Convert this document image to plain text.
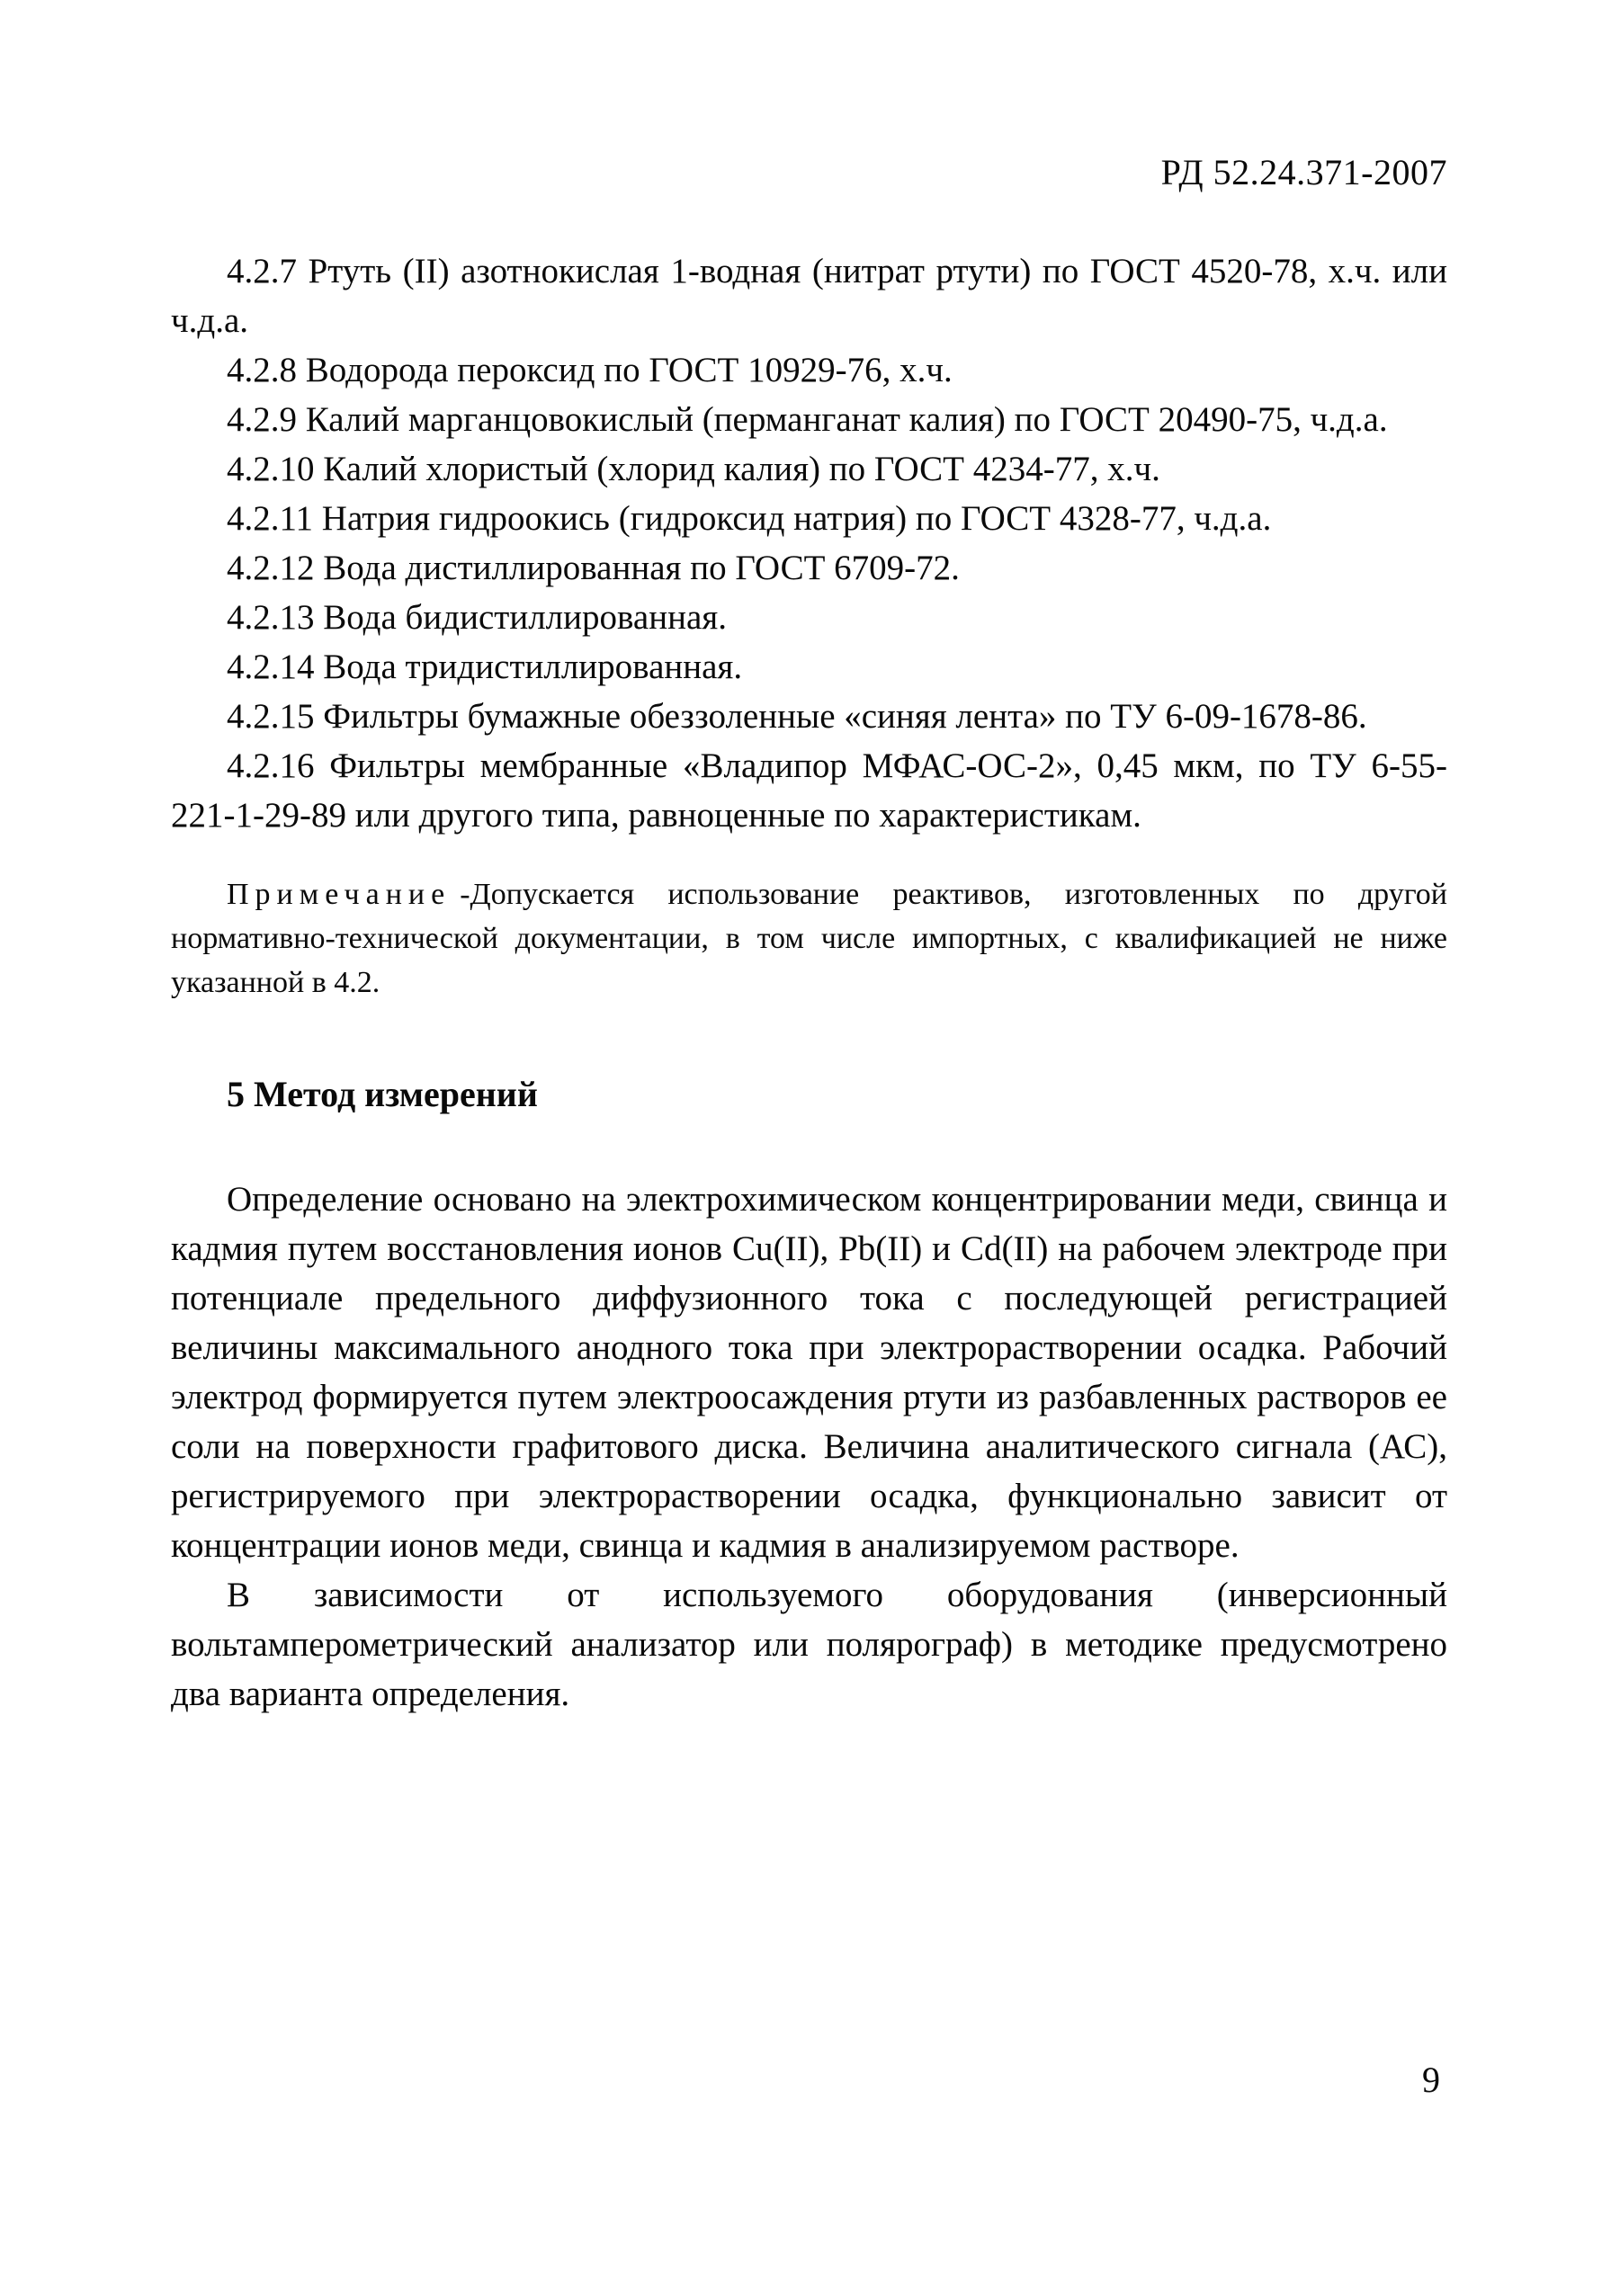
РД 52.24.371-2007

4.2.7 Ртуть (II) азотнокислая 1-водная (нитрат ртути) по ГОСТ 4520-78, х.ч. или ч.д.а.

4.2.8 Водорода пероксид по ГОСТ 10929-76, х.ч.

4.2.9 Калий марганцовокислый (перманганат калия) по ГОСТ 20490-75, ч.д.а.

4.2.10 Калий хлористый (хлорид калия) по ГОСТ 4234-77, х.ч.

4.2.11 Натрия гидроокись (гидроксид натрия) по ГОСТ 4328-77, ч.д.а.

4.2.12 Вода дистиллированная по ГОСТ 6709-72.

4.2.13 Вода бидистиллированная.

4.2.14 Вода тридистиллированная.

4.2.15 Фильтры бумажные обеззоленные «синяя лента» по ТУ 6-09-1678-86.

4.2.16 Фильтры мембранные «Владипор МФАС-ОС-2», 0,45 мкм, по ТУ 6-55-221-1-29-89 или другого типа, равноценные по характеристикам.

Примечание -Допускается использование реактивов, изготовленных по другой нормативно-технической документации, в том числе импортных, с квалификацией не ниже указанной в 4.2.

5 Метод измерений

Определение основано на электрохимическом концентрировании меди, свинца и кадмия путем восстановления ионов Cu(II), Pb(II) и Cd(II) на рабочем электроде при потенциале предельного диффузионного тока с последующей регистрацией величины максимального анодного тока при электрорастворении осадка. Рабочий электрод формируется путем электроосаждения ртути из разбавленных растворов ее соли на поверхности графитового диска. Величина аналитического сигнала (АС), регистрируемого при электрорастворении осадка, функционально зависит от концентрации ионов меди, свинца и кадмия в анализируемом растворе.

В зависимости от используемого оборудования (инверсионный вольтамперометрический анализатор или полярограф) в методике предусмотрено два варианта определения.

9
